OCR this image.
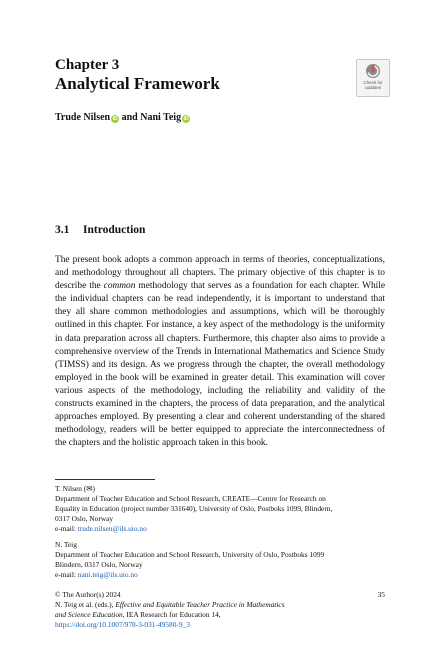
Chapter 3
Analytical Framework	Check for
updates
Trude Nilsen iD and Nani Teig iD
3.1 Introduction

The present book adopts a common approach in terms of theories, conceptualizations, and methodology throughout all chapters. The primary objective of this chapter is to describe the common methodology that serves as a foundation for each chapter. While the individual chapters can be read independently, it is important to understand that they all share common methodologies and assumptions, which will be thoroughly outlined in this chapter. For instance, a key aspect of the methodology is the uniformity in data preparation across all chapters. Furthermore, this chapter also aims to provide a comprehensive overview of the Trends in International Mathematics and Science Study (TIMSS) and its design. As we progress through the chapter, the overall methodology employed in the book will be examined in greater detail. This examination will cover various aspects of the methodology, including the reliability and validity of the constructs examined in the chapters, the process of data preparation, and the analytical approaches employed. By presenting a clear and coherent understanding of the shared methodology, readers will be better equipped to appreciate the interconnectedness of the chapters and the holistic approach taken in this book.

T. Nilsen (✉)
Department of Teacher Education and School Research, CREATE—Centre for Research on
Equality in Education (project number 331640), University of Oslo, Postboks 1099, Blindern,
0317 Oslo, Norway
e-mail: trude.nilsen@ils.uio.no
N. Teig
Department of Teacher Education and School Research, University of Oslo, Postboks 1099
Blindern, 0317 Oslo, Norway
e-mail: nani.teig@ils.uio.no
© The Author(s) 2024
N. Teig et al. (eds.), Effective and Equitable Teacher Practice in Mathematics
and Science Education, IEA Research for Education 14,
https://doi.org/10.1007/978-3-031-49580-9_3
35
